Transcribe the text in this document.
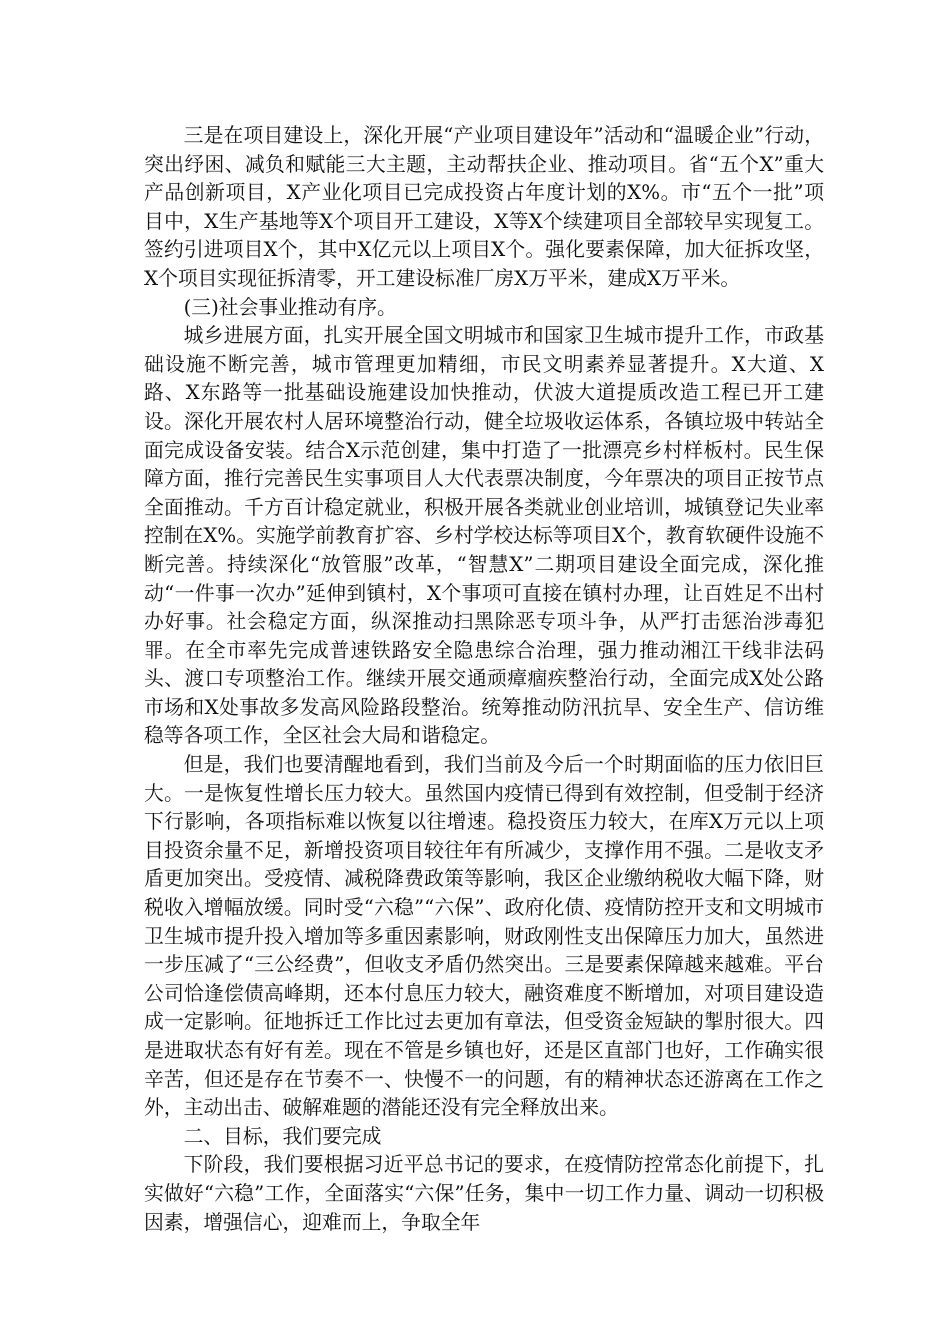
三是在项目建设上，深化开展“产业项目建设年”活动和“温暖企业”行动，突出纾困、减负和赋能三大主题，主动帮扶企业、推动项目。省“五个X”重大产品创新项目，X产业化项目已完成投资占年度计划的X%。市“五个一批”项目中，X生产基地等X个项目开工建设，X等X个续建项目全部较早实现复工。签约引进项目X个，其中X亿元以上项目X个。强化要素保障，加大征拆攻坚，X个项目实现征拆清零，开工建设标准厂房X万平米，建成X万平米。

(三)社会事业推动有序。

城乡进展方面，扎实开展全国文明城市和国家卫生城市提升工作，市政基础设施不断完善，城市管理更加精细，市民文明素养显著提升。X大道、X路、X东路等一批基础设施建设加快推动，伏波大道提质改造工程已开工建设。深化开展农村人居环境整治行动，健全垃圾收运体系，各镇垃圾中转站全面完成设备安装。结合X示范创建，集中打造了一批漂亮乡村样板村。民生保障方面，推行完善民生实事项目人大代表票决制度，今年票决的项目正按节点全面推动。千方百计稳定就业，积极开展各类就业创业培训，城镇登记失业率控制在X%。实施学前教育扩容、乡村学校达标等项目X个，教育软硬件设施不断完善。持续深化“放管服”改革，“智慧X”二期项目建设全面完成，深化推动“一件事一次办”延伸到镇村，X个事项可直接在镇村办理，让百姓足不出村办好事。社会稳定方面，纵深推动扫黑除恶专项斗争，从严打击惩治涉毒犯罪。在全市率先完成普速铁路安全隐患综合治理，强力推动湘江干线非法码头、渡口专项整治工作。继续开展交通顽瘴痼疾整治行动，全面完成X处公路市场和X处事故多发高风险路段整治。统筹推动防汛抗旱、安全生产、信访维稳等各项工作，全区社会大局和谐稳定。

但是，我们也要清醒地看到，我们当前及今后一个时期面临的压力依旧巨大。一是恢复性增长压力较大。虽然国内疫情已得到有效控制，但受制于经济下行影响，各项指标难以恢复以往增速。稳投资压力较大，在库X万元以上项目投资余量不足，新增投资项目较往年有所减少，支撑作用不强。二是收支矛盾更加突出。受疫情、减税降费政策等影响，我区企业缴纳税收大幅下降，财税收入增幅放缓。同时受“六稳”“六保”、政府化债、疫情防控开支和文明城市卫生城市提升投入增加等多重因素影响，财政刚性支出保障压力加大，虽然进一步压减了“三公经费”，但收支矛盾仍然突出。三是要素保障越来越难。平台公司恰逢偿债高峰期，还本付息压力较大，融资难度不断增加，对项目建设造成一定影响。征地拆迁工作比过去更加有章法，但受资金短缺的掣肘很大。四是进取状态有好有差。现在不管是乡镇也好，还是区直部门也好，工作确实很辛苦，但还是存在节奏不一、快慢不一的问题，有的精神状态还游离在工作之外，主动出击、破解难题的潜能还没有完全释放出来。

二、目标，我们要完成

下阶段，我们要根据习近平总书记的要求，在疫情防控常态化前提下，扎实做好“六稳”工作，全面落实“六保”任务，集中一切工作力量、调动一切积极因素，增强信心，迎难而上，争取全年
